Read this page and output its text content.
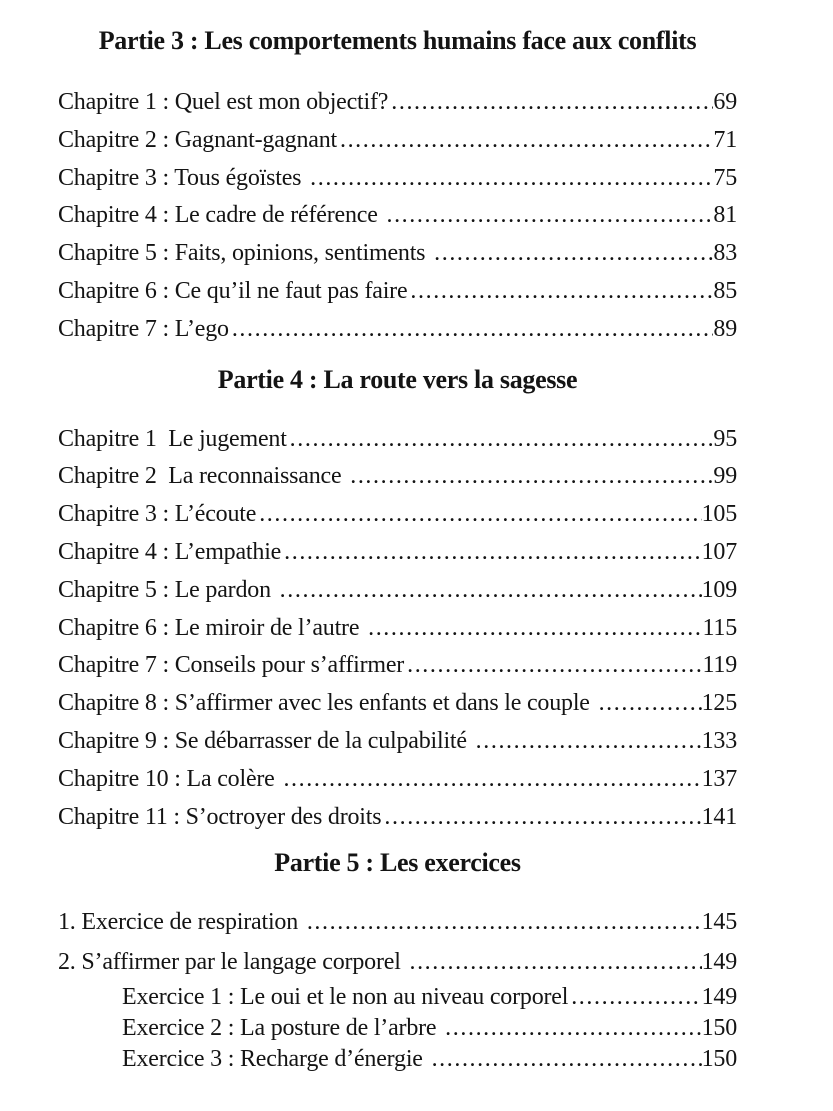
Partie 3 : Les comportements humains face aux conflits
Chapitre 1 : Quel est mon objectif? .....	69
Chapitre 2 : Gagnant-gagnant .....	71
Chapitre 3 : Tous égoïstes .....	75
Chapitre 4 : Le cadre de référence .....	81
Chapitre 5 : Faits, opinions, sentiments .....	83
Chapitre 6 : Ce qu’il ne faut pas faire .....	85
Chapitre 7 : L’ego .....	89
Partie 4 : La route vers la sagesse
Chapitre 1  Le jugement .....	95
Chapitre 2  La reconnaissance .....	99
Chapitre 3 : L’écoute .....	105
Chapitre 4 : L’empathie .....	107
Chapitre 5 : Le pardon .....	109
Chapitre 6 : Le miroir de l’autre .....	115
Chapitre 7 : Conseils pour s’affirmer .....	119
Chapitre 8 : S’affirmer avec les enfants et dans le couple .....	125
Chapitre 9 : Se débarrasser de la culpabilité .....	133
Chapitre 10 : La colère .....	137
Chapitre 11 : S’octroyer des droits .....	141
Partie 5 : Les exercices
1. Exercice de respiration .....	145
2. S’affirmer par le langage corporel .....	149
Exercice 1 : Le oui et le non au niveau corporel .....	149
Exercice 2 : La posture de l’arbre .....	150
Exercice 3 : Recharge d’énergie .....	150
